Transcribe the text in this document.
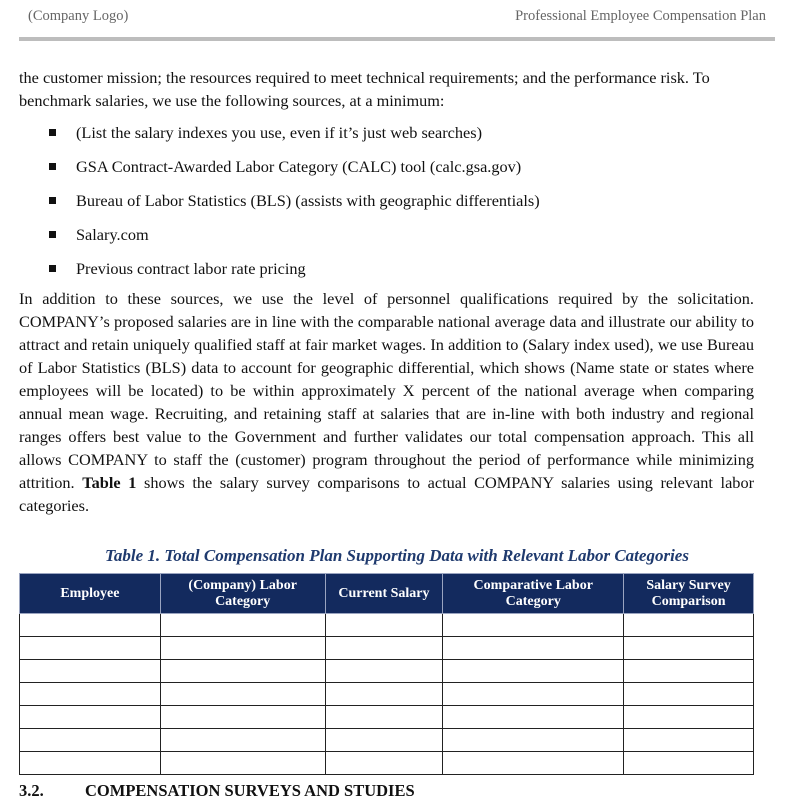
(Company Logo)	Professional Employee Compensation Plan
the customer mission; the resources required to meet technical requirements; and the performance risk. To benchmark salaries, we use the following sources, at a minimum:
(List the salary indexes you use, even if it’s just web searches)
GSA Contract-Awarded Labor Category (CALC) tool (calc.gsa.gov)
Bureau of Labor Statistics (BLS) (assists with geographic differentials)
Salary.com
Previous contract labor rate pricing
In addition to these sources, we use the level of personnel qualifications required by the solicitation. COMPANY’s proposed salaries are in line with the comparable national average data and illustrate our ability to attract and retain uniquely qualified staff at fair market wages. In addition to (Salary index used), we use Bureau of Labor Statistics (BLS) data to account for geographic differential, which shows (Name state or states where employees will be located) to be within approximately X percent of the national average when comparing annual mean wage. Recruiting, and retaining staff at salaries that are in-line with both industry and regional ranges offers best value to the Government and further validates our total compensation approach. This all allows COMPANY to staff the (customer) program throughout the period of performance while minimizing attrition. Table 1 shows the salary survey comparisons to actual COMPANY salaries using relevant labor categories.
Table 1. Total Compensation Plan Supporting Data with Relevant Labor Categories
Employee	(Company) Labor Category	Current Salary	Comparative Labor Category	Salary Survey Comparison

3.2.	COMPENSATION SURVEYS AND STUDIES
